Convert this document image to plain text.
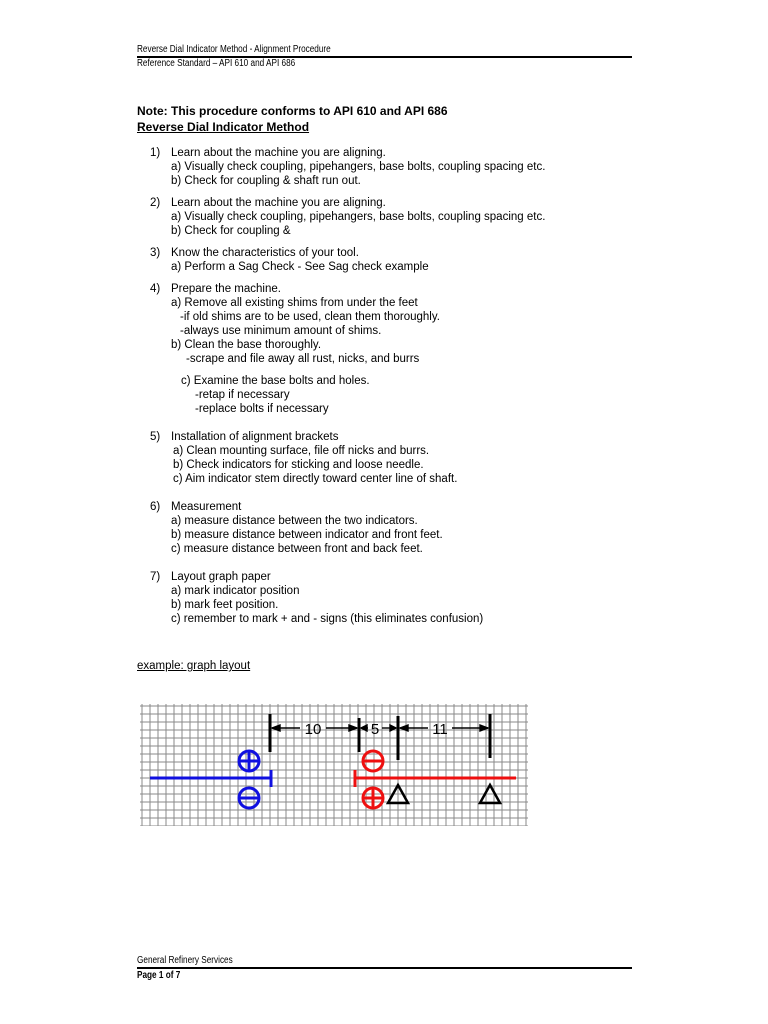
Reverse Dial Indicator Method - Alignment Procedure
Reference Standard – API 610 and API 686
Note: This procedure conforms to API 610 and API 686
Reverse Dial Indicator Method
1) Learn about the machine you are aligning.
a) Visually check coupling, pipehangers, base bolts, coupling spacing etc.
b) Check for coupling & shaft run out.
2) Learn about the machine you are aligning.
a) Visually check coupling, pipehangers, base bolts, coupling spacing etc.
b) Check for coupling &
3) Know the characteristics of your tool.
a) Perform a Sag Check - See Sag check example
4) Prepare the machine.
a) Remove all existing shims from under the feet
-if old shims are to be used, clean them thoroughly.
-always use minimum amount of shims.
b) Clean the base thoroughly.
-scrape and file away all rust, nicks, and burrs
c) Examine the base bolts and holes.
-retap if necessary
-replace bolts if necessary
5) Installation of alignment brackets
a) Clean mounting surface, file off nicks and burrs.
b) Check indicators for sticking and loose needle.
c) Aim indicator stem directly toward center line of shaft.
6) Measurement
a) measure distance between the two indicators.
b) measure distance between indicator and front feet.
c) measure distance between front and back feet.
7) Layout graph paper
a) mark indicator position
b) mark feet position.
c) remember to mark + and - signs (this eliminates confusion)
example: graph layout
10	5	11
General Refinery Services
Page 1 of 7
